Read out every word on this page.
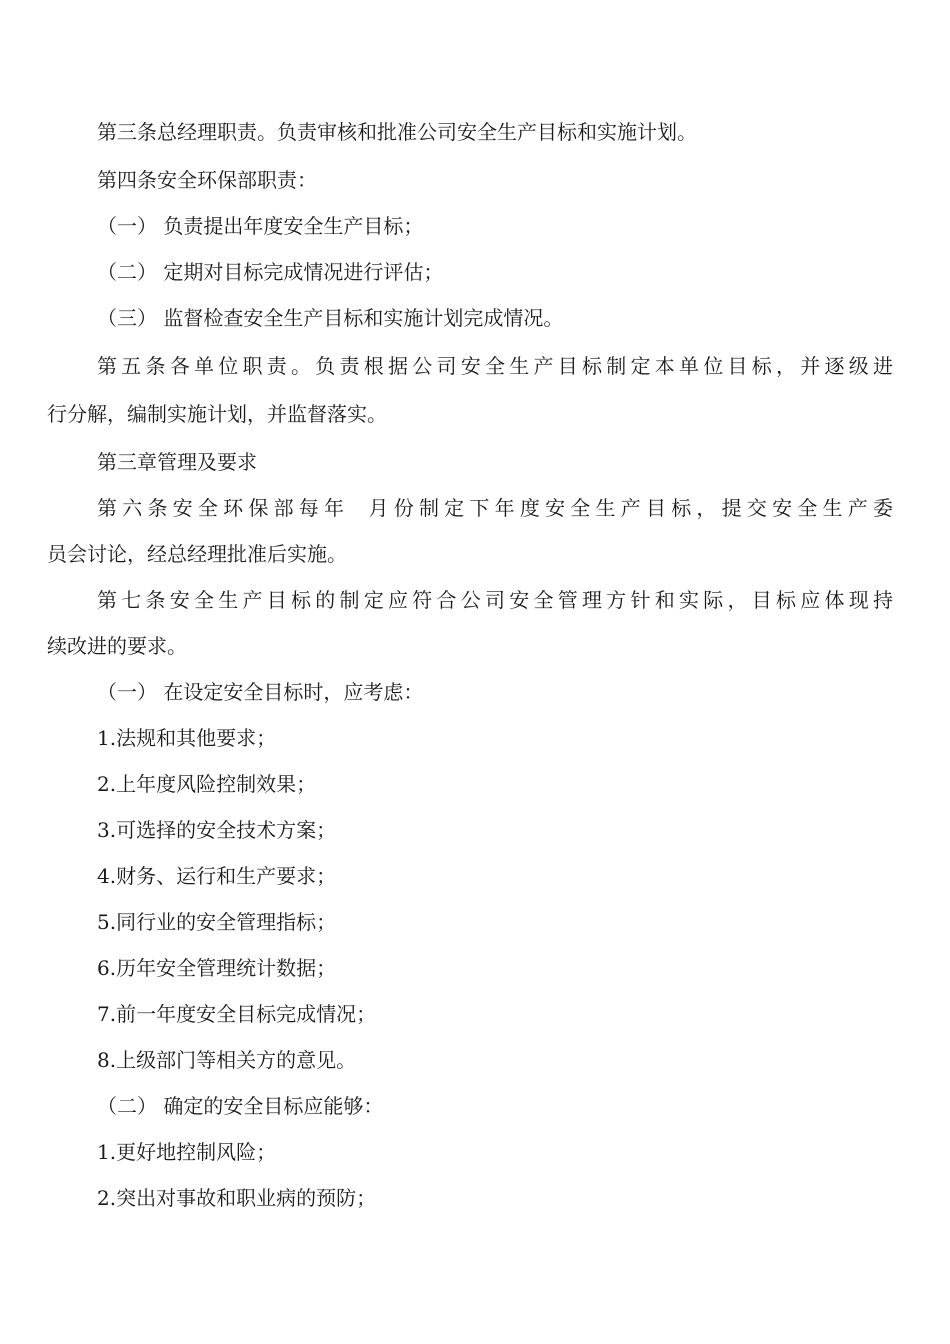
第三条总经理职责。负责审核和批准公司安全生产目标和实施计划。

第四条安全环保部职责：

（一） 负责提出年度安全生产目标；

（二） 定期对目标完成情况进行评估；

（三） 监督检查安全生产目标和实施计划完成情况。

第五条各单位职责。负责根据公司安全生产目标制定本单位目标，并逐级进

行分解，编制实施计划，并监督落实。

第三章管理及要求

第六条安全环保部每年 月份制定下年度安全生产目标，提交安全生产委

员会讨论，经总经理批准后实施。

第七条安全生产目标的制定应符合公司安全管理方针和实际，目标应体现持

续改进的要求。

（一） 在设定安全目标时，应考虑：

1.法规和其他要求；

2.上年度风险控制效果；

3.可选择的安全技术方案；

4.财务、运行和生产要求；

5.同行业的安全管理指标；

6.历年安全管理统计数据；

7.前一年度安全目标完成情况；

8.上级部门等相关方的意见。

（二） 确定的安全目标应能够：

1.更好地控制风险；

2.突出对事故和职业病的预防；
